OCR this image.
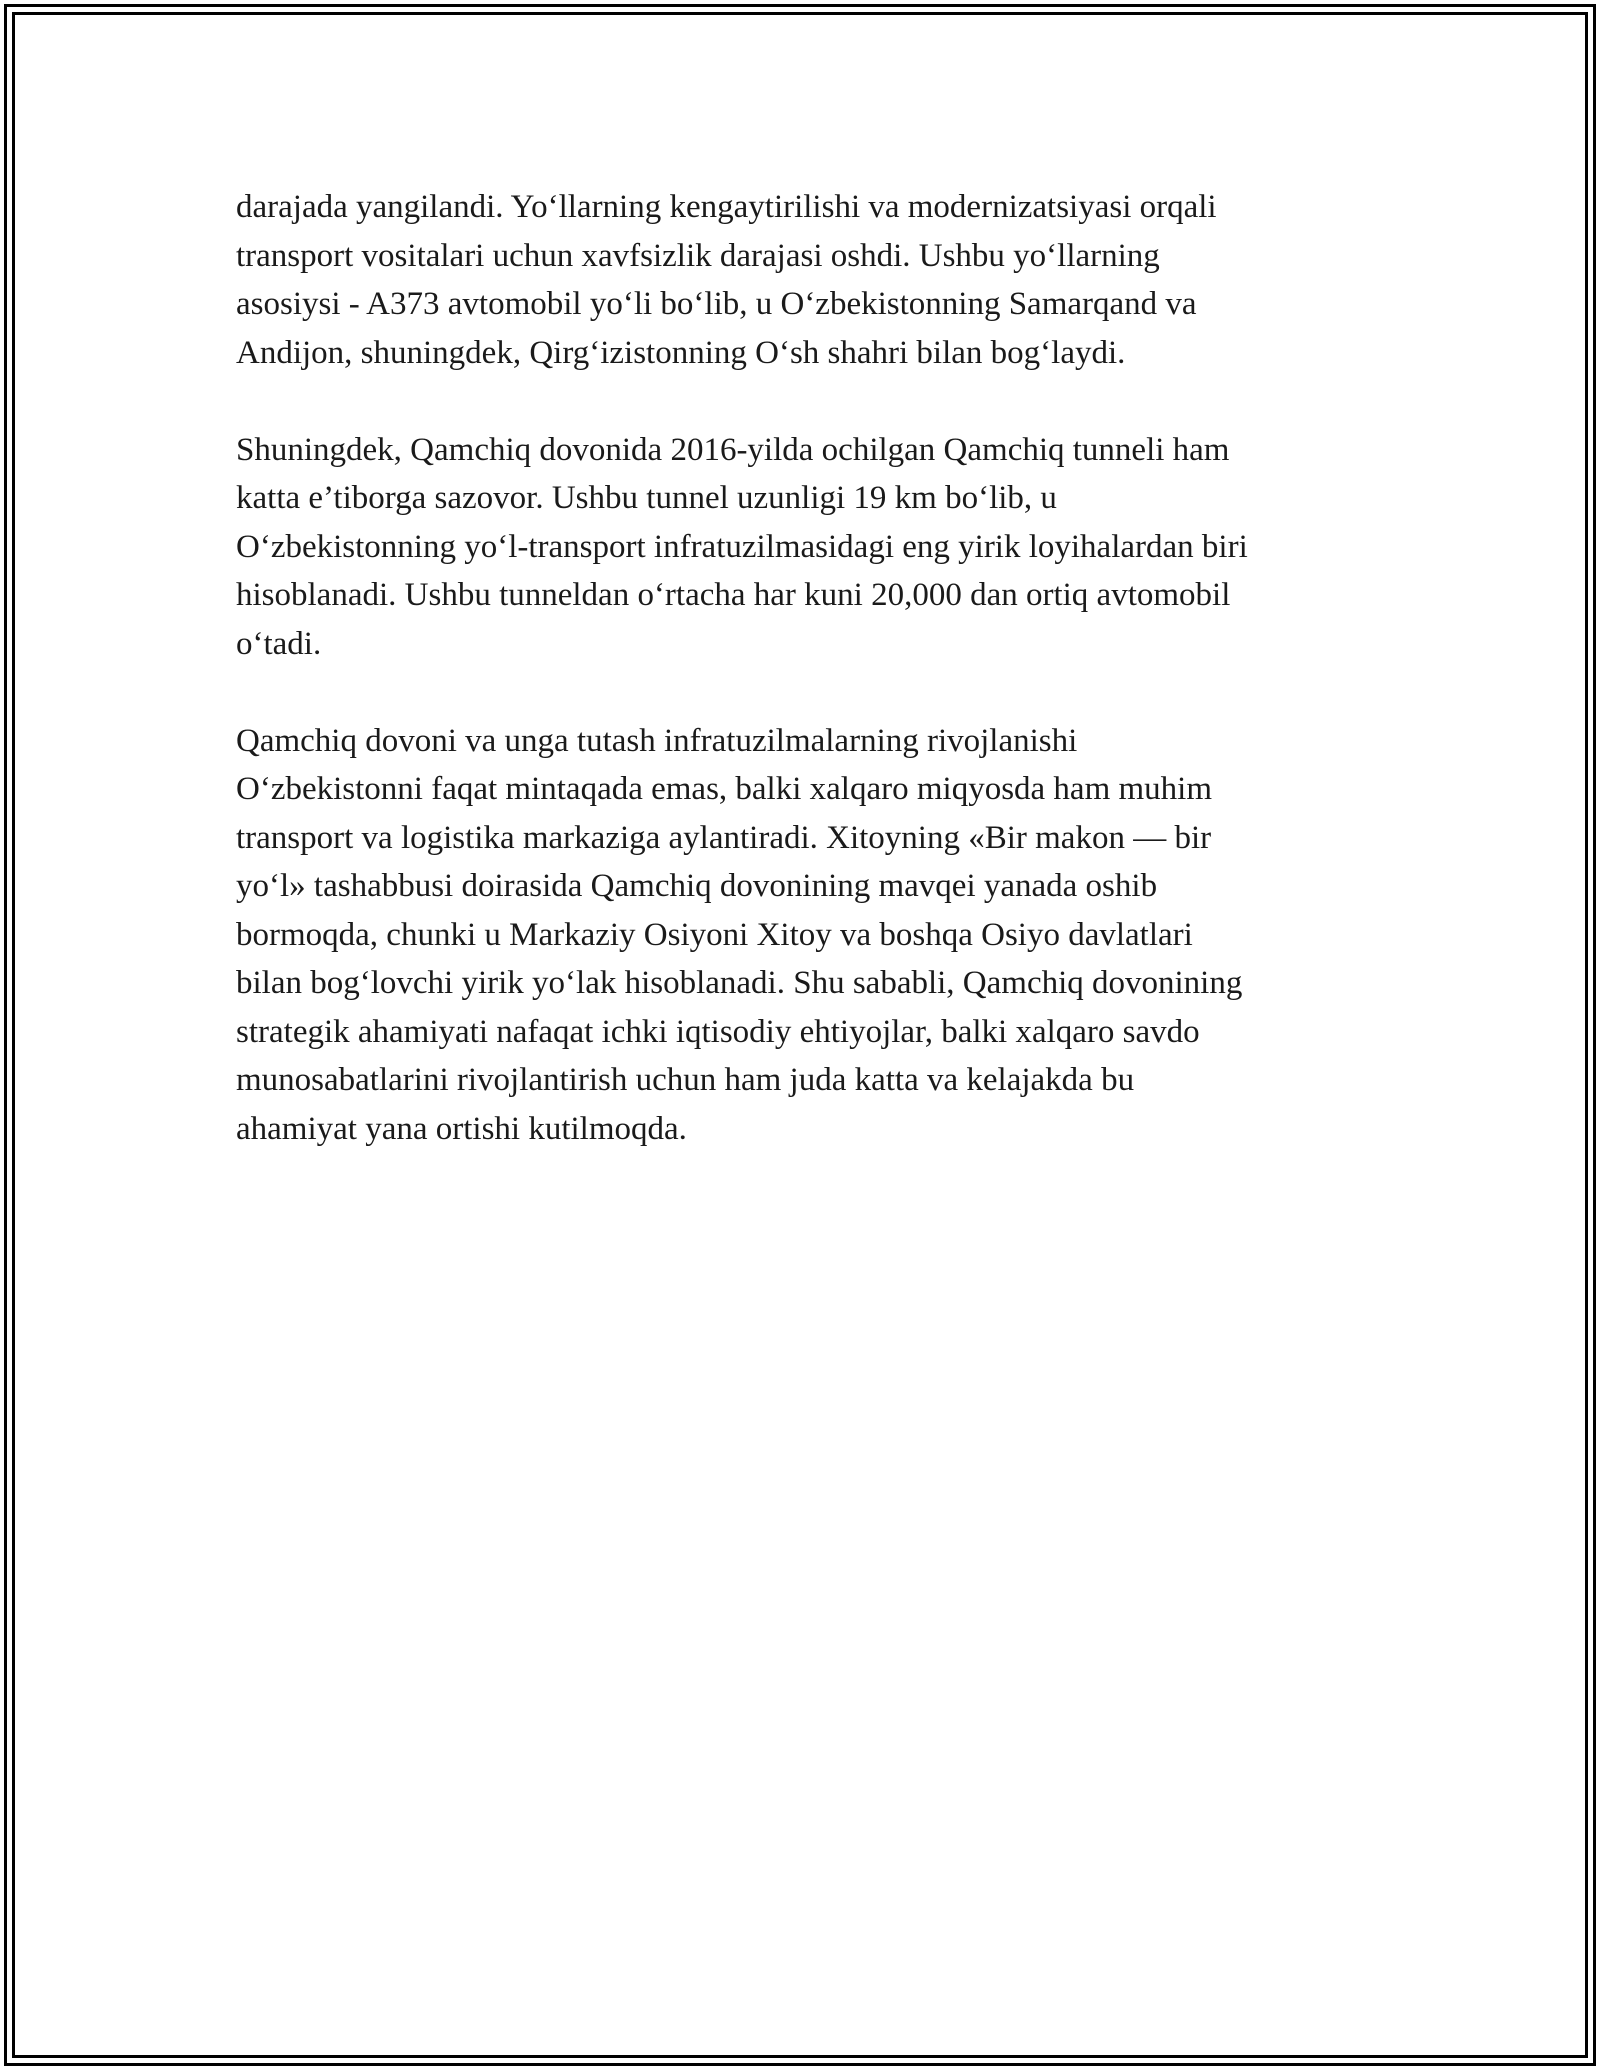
darajada yangilandi. Yo‘llarning kengaytirilishi va modernizatsiyasi orqali
transport vositalari uchun xavfsizlik darajasi oshdi. Ushbu yo‘llarning
asosiysi - A373 avtomobil yo‘li bo‘lib, u O‘zbekistonning Samarqand va
Andijon, shuningdek, Qirg‘izistonning O‘sh shahri bilan bog‘laydi.

Shuningdek, Qamchiq dovonida 2016-yilda ochilgan Qamchiq tunneli ham
katta e’tiborga sazovor. Ushbu tunnel uzunligi 19 km bo‘lib, u
O‘zbekistonning yo‘l-transport infratuzilmasidagi eng yirik loyihalardan biri
hisoblanadi. Ushbu tunneldan o‘rtacha har kuni 20,000 dan ortiq avtomobil
o‘tadi.

Qamchiq dovoni va unga tutash infratuzilmalarning rivojlanishi
O‘zbekistonni faqat mintaqada emas, balki xalqaro miqyosda ham muhim
transport va logistika markaziga aylantiradi. Xitoyning «Bir makon — bir
yo‘l» tashabbusi doirasida Qamchiq dovonining mavqei yanada oshib
bormoqda, chunki u Markaziy Osiyoni Xitoy va boshqa Osiyo davlatlari
bilan bog‘lovchi yirik yo‘lak hisoblanadi. Shu sababli, Qamchiq dovonining
strategik ahamiyati nafaqat ichki iqtisodiy ehtiyojlar, balki xalqaro savdo
munosabatlarini rivojlantirish uchun ham juda katta va kelajakda bu
ahamiyat yana ortishi kutilmoqda.
